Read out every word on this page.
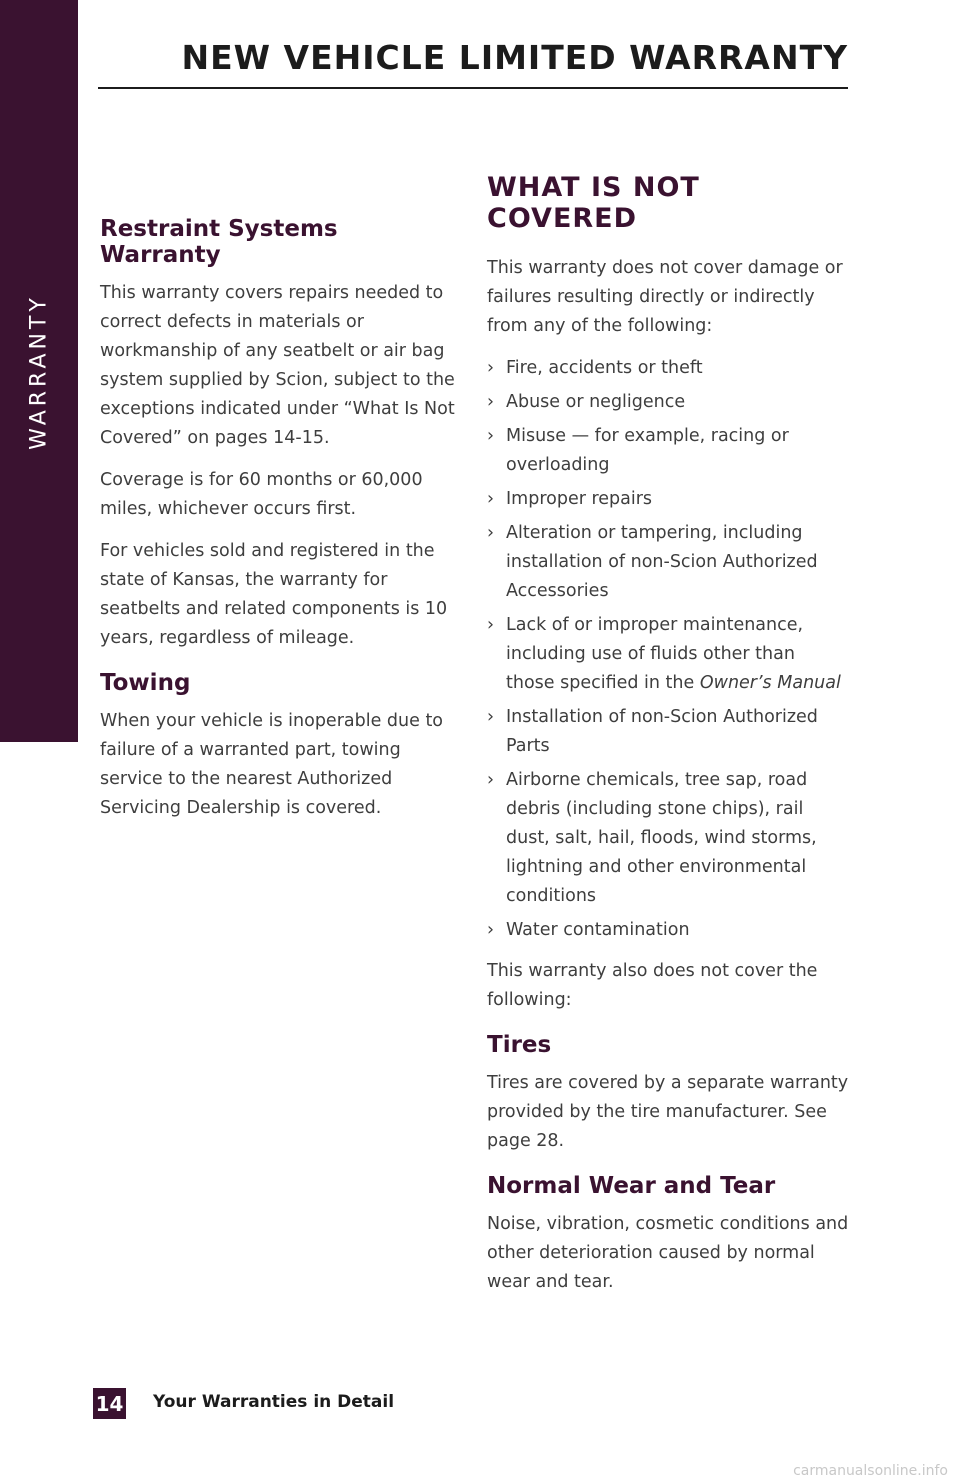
WARRANTY
NEW VEHICLE LIMITED WARRANTY
Restraint Systems Warranty

This warranty covers repairs needed to correct defects in materials or workmanship of any seatbelt or air bag system supplied by Scion, subject to the exceptions indicated under “What Is Not Covered” on pages 14-15.

Coverage is for 60 months or 60,000 miles, whichever occurs first.

For vehicles sold and registered in the state of Kansas, the warranty for seatbelts and related components is 10 years, regardless of mileage.

Towing

When your vehicle is inoperable due to failure of a warranted part, towing service to the nearest Authorized Servicing Dealership is covered.

WHAT IS NOT COVERED

This warranty does not cover damage or failures resulting directly or indirectly from any of the following:

› Fire, accidents or theft
› Abuse or negligence
› Misuse — for example, racing or overloading
› Improper repairs
› Alteration or tampering, including installation of non-Scion Authorized Accessories
› Lack of or improper maintenance, including use of fluids other than those specified in the Owner’s Manual
› Installation of non-Scion Authorized Parts
› Airborne chemicals, tree sap, road debris (including stone chips), rail dust, salt, hail, floods, wind storms, lightning and other environmental conditions
› Water contamination

This warranty also does not cover the following:

Tires

Tires are covered by a separate warranty provided by the tire manufacturer. See page 28.

Normal Wear and Tear

Noise, vibration, cosmetic conditions and other deterioration caused by normal wear and tear.

14 Your Warranties in Detail
carmanualsonline.info
